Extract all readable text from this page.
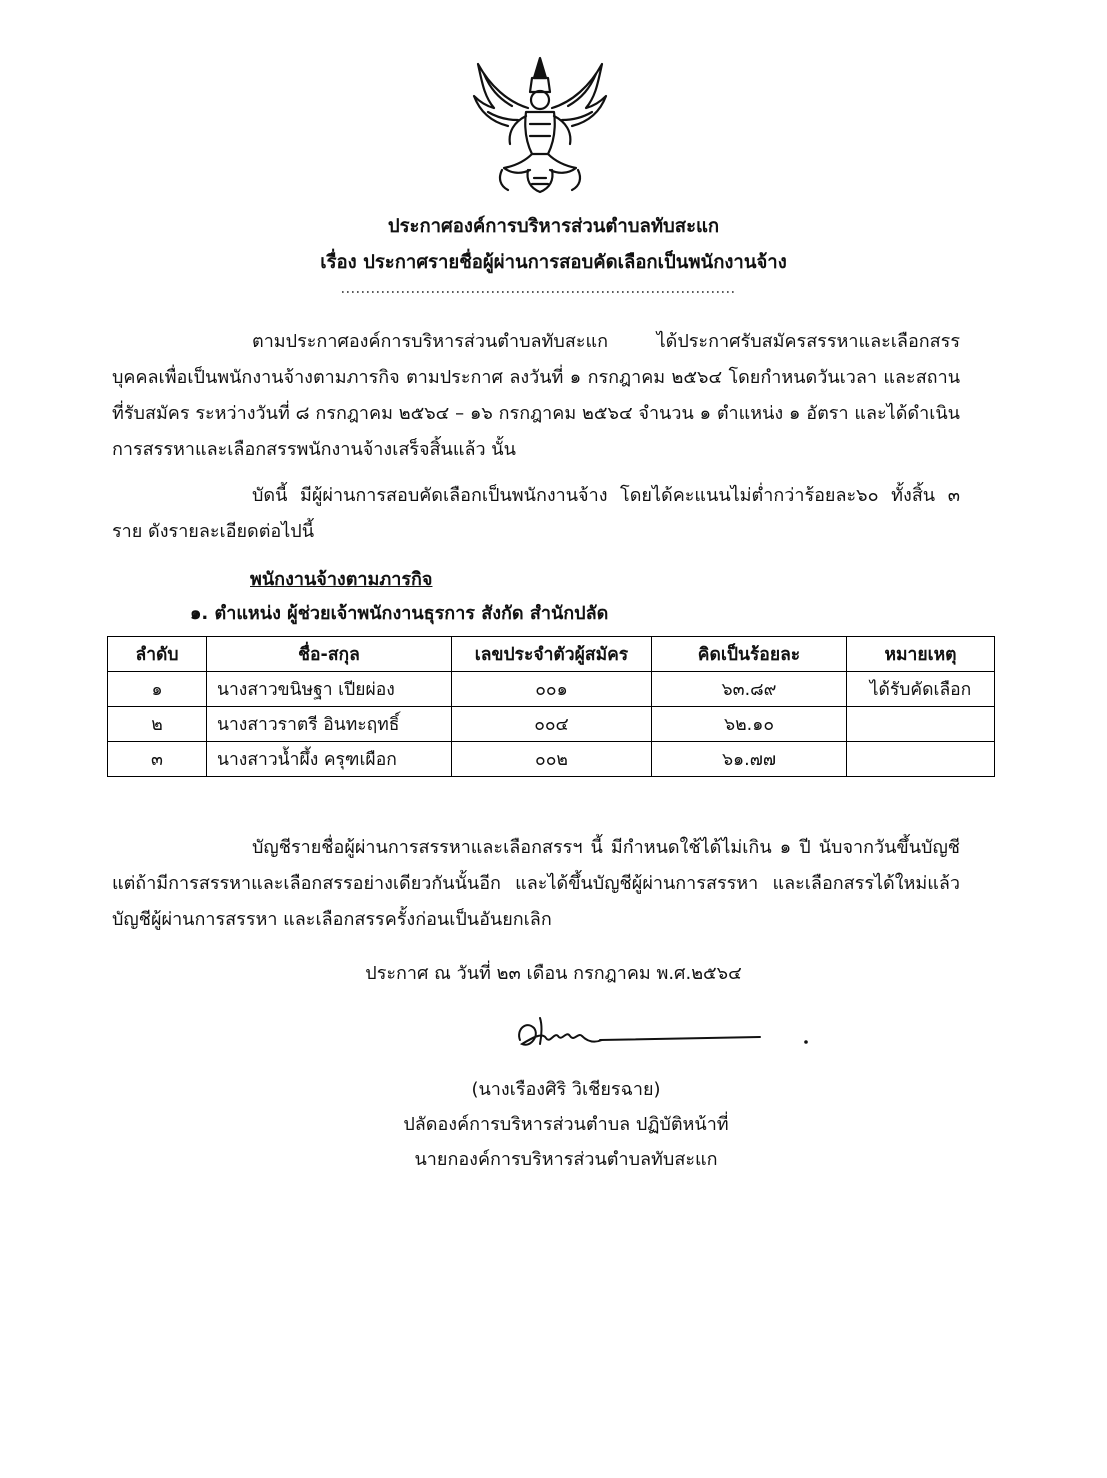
ประกาศองค์การบริหารส่วนตำบลทับสะแก
เรื่อง ประกาศรายชื่อผู้ผ่านการสอบคัดเลือกเป็นพนักงานจ้าง

ตามประกาศองค์การบริหารส่วนตำบลทับสะแก ได้ประกาศรับสมัครสรรหาและเลือกสรรบุคคลเพื่อเป็นพนักงานจ้างตามภารกิจ ตามประกาศ ลงวันที่ ๑ กรกฎาคม ๒๕๖๔ โดยกำหนดวันเวลา และสถานที่รับสมัคร ระหว่างวันที่ ๘ กรกฎาคม ๒๕๖๔ – ๑๖ กรกฎาคม ๒๕๖๔ จำนวน ๑ ตำแหน่ง ๑ อัตรา และได้ดำเนินการสรรหาและเลือกสรรพนักงานจ้างเสร็จสิ้นแล้ว นั้น

บัดนี้ มีผู้ผ่านการสอบคัดเลือกเป็นพนักงานจ้าง โดยได้คะแนนไม่ต่ำกว่าร้อยละ๖๐ ทั้งสิ้น ๓ ราย ดังรายละเอียดต่อไปนี้

พนักงานจ้างตามภารกิจ
๑. ตำแหน่ง ผู้ช่วยเจ้าพนักงานธุรการ สังกัด สำนักปลัด
ลำดับ	ชื่อ-สกุล	เลขประจำตัวผู้สมัคร	คิดเป็นร้อยละ	หมายเหตุ
๑	นางสาวขนิษฐา เปียผ่อง	๐๐๑	๖๓.๘๙	ได้รับคัดเลือก
๒	นางสาวราตรี อินทะฤทธิ์	๐๐๔	๖๒.๑๐	
๓	นางสาวน้ำผึ้ง ครุฑเผือก	๐๐๒	๖๑.๗๗	

บัญชีรายชื่อผู้ผ่านการสรรหาและเลือกสรรฯ นี้ มีกำหนดใช้ได้ไม่เกิน ๑ ปี นับจากวันขึ้นบัญชีแต่ถ้ามีการสรรหาและเลือกสรรอย่างเดียวกันนั้นอีก และได้ขึ้นบัญชีผู้ผ่านการสรรหา และเลือกสรรได้ใหม่แล้วบัญชีผู้ผ่านการสรรหา และเลือกสรรครั้งก่อนเป็นอันยกเลิก

ประกาศ ณ วันที่ ๒๓ เดือน กรกฎาคม พ.ศ.๒๕๖๔
(นางเรืองศิริ วิเชียรฉาย)
ปลัดองค์การบริหารส่วนตำบล ปฏิบัติหน้าที่
นายกองค์การบริหารส่วนตำบลทับสะแก
